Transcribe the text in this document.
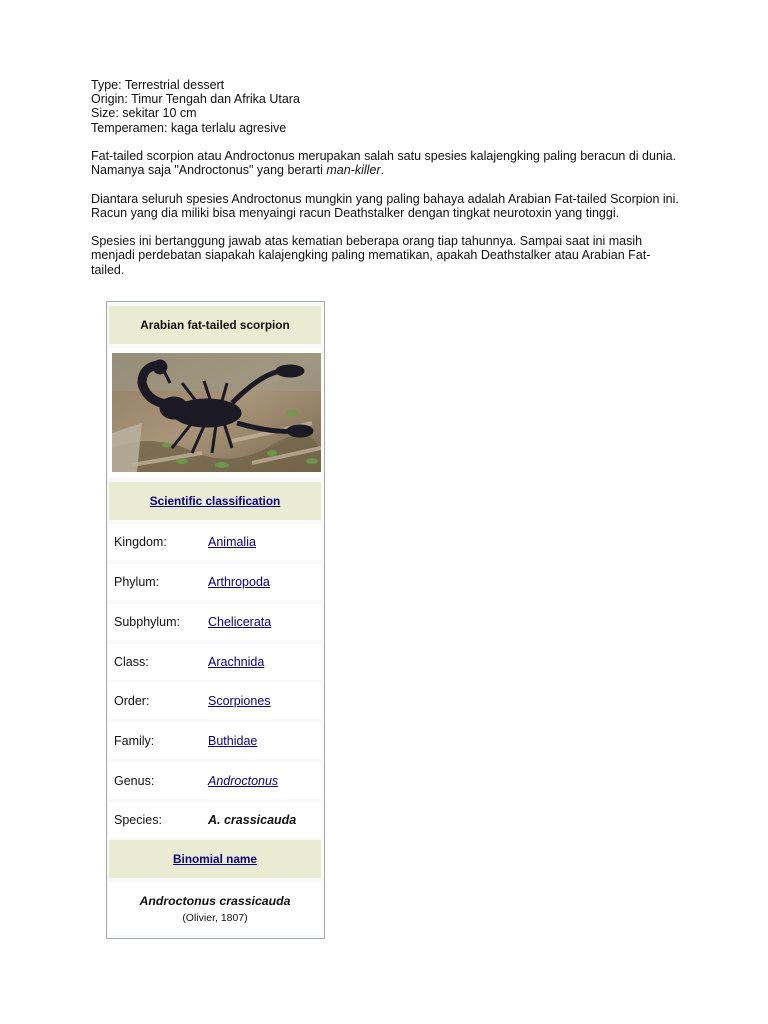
Type: Terrestrial dessert
Origin: Timur Tengah dan Afrika Utara
Size: sekitar 10 cm
Temperamen: kaga terlalu agresive

Fat-tailed scorpion atau Androctonus merupakan salah satu spesies kalajengking paling beracun di dunia. Namanya saja "Androctonus" yang berarti man-killer.

Diantara seluruh spesies Androctonus mungkin yang paling bahaya adalah Arabian Fat-tailed Scorpion ini. Racun yang dia miliki bisa menyaingi racun Deathstalker dengan tingkat neurotoxin yang tinggi.

Spesies ini bertanggung jawab atas kematian beberapa orang tiap tahunnya. Sampai saat ini masih menjadi perdebatan siapakah kalajengking paling mematikan, apakah Deathstalker atau Arabian Fat-tailed.

Arabian fat-tailed scorpion
Scientific classification
Kingdom:	Animalia
Phylum:	Arthropoda
Subphylum: Chelicerata
Class:	Arachnida
Order:	Scorpiones
Family:	Buthidae
Genus:	Androctonus
Species:	A. crassicauda
Binomial name
Androctonus crassicauda
(Olivier, 1807)
